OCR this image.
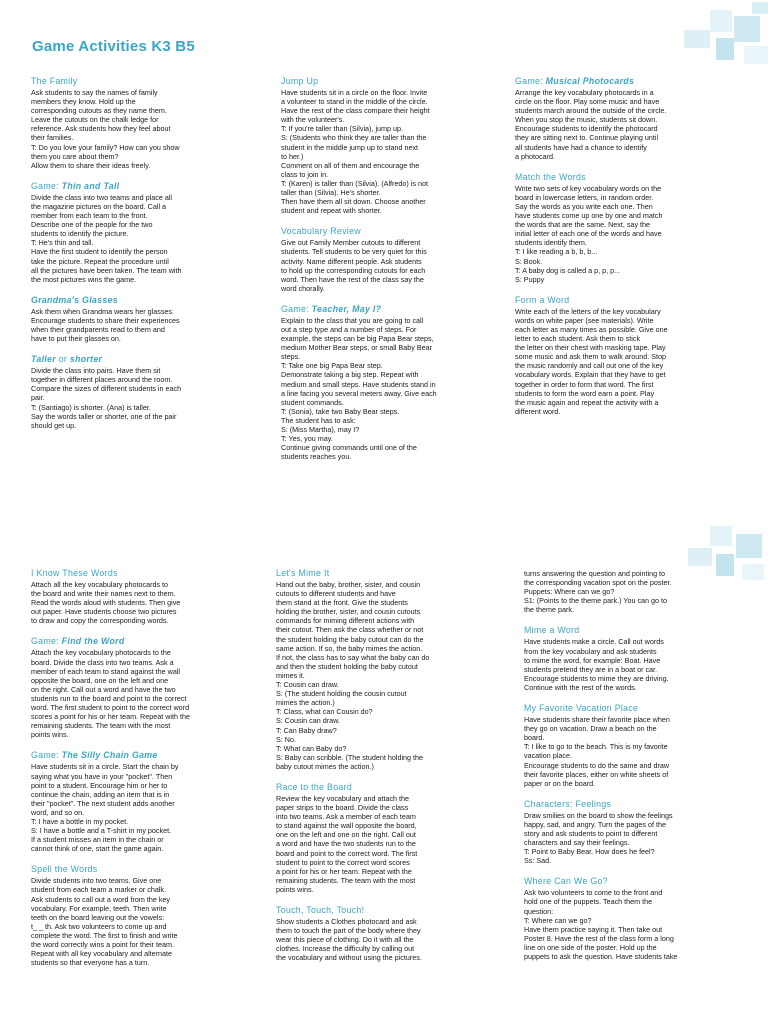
Game Activities K3 B5
The Family

Ask students to say the names of family

members they know. Hold up the

corresponding cutouts as they name them.

Leave the cutouts on the chalk ledge for

reference. Ask students how they feel about

their families.

T: Do you love your family? How can you show

them you care about them?

Allow them to share their ideas freely.

Game: Thin and Tall

Divide the class into two teams and place all

the magazine pictures on the board. Call a

member from each team to the front.

Describe one of the people for the two

students to identify the picture.

T: He's thin and tall.

Have the first student to identify the person

take the picture. Repeat the procedure until

all the pictures have been taken. The team with

the most pictures wins the game.

Grandma's Glasses

Ask them when Grandma wears her glasses.

Encourage students to share their experiences

when their grandparents read to them and

have to put their glasses on.

Taller or shorter

Divide the class into pairs. Have them sit

together in different places around the room.

Compare the sizes of different students in each

pair.

T: (Santiago) is shorter. (Ana) is taller.

Say the words taller or shorter, one of the pair

should get up.

Jump Up

Have students sit in a circle on the floor. Invite

a volunteer to stand in the middle of the circle.

Have the rest of the class compare their height

with the volunteer's.

T: If you're taller than (Silvia), jump up.

S: (Students who think they are taller than the

student in the middle jump up to stand next

to her.)

Comment on all of them and encourage the

class to join in.

T: (Karen) is taller than (Silvia). (Alfredo) is not

taller than (Silvia). He's shorter.

Then have them all sit down. Choose another

student and repeat with shorter.

Vocabulary Review

Give out Family Member cutouts to different

students. Tell students to be very quiet for this

activity. Name different people. Ask students

to hold up the corresponding cutouts for each

word. Then have the rest of the class say the

word chorally.

Game: Teacher, May I?

Explain to the class that you are going to call

out a step type and a number of steps. For

example, the steps can be big Papa Bear steps,

medium Mother Bear steps, or small Baby Bear

steps.

T: Take one big Papa Bear step.

Demonstrate taking a big step. Repeat with

medium and small steps. Have students stand in

a line facing you several meters away. Give each

student commands.

T: (Sonia), take two Baby Bear steps.

The student has to ask:

S: (Miss Martha), may I?

T: Yes, you may.

Continue giving commands until one of the

students reaches you.

Game: Musical Photocards

Arrange the key vocabulary photocards in a

circle on the floor. Play some music and have

students march around the outside of the circle.

When you stop the music, students sit down.

Encourage students to identify the photocard

they are sitting next to. Continue playing until

all students have had a chance to identify

a photocard.

Match the Words

Write two sets of key vocabulary words on the

board in lowercase letters, in random order.

Say the words as you write each one. Then

have students come up one by one and match

the words that are the same. Next, say the

initial letter of each one of the words and have

students identify them.

T: I like reading a b, b, b...

S: Book.

T: A baby dog is called a p, p, p...

S: Puppy

Form a Word

Write each of the letters of the key vocabulary

words on white paper (see materials). Write

each letter as many times as possible. Give one

letter to each student. Ask them to stick

the letter on their chest with masking tape. Play

some music and ask them to walk around. Stop

the music randomly and call out one of the key

vocabulary words. Explain that they have to get

together in order to form that word. The first

students to form the word earn a point. Play

the music again and repeat the activity with a

different word.

I Know These Words

Attach all the key vocabulary photocards to

the board and write their names next to them.

Read the words aloud with students. Then give

out paper. Have students choose two pictures

to draw and copy the corresponding words.

Game: Find the Word

Attach the key vocabulary photocards to the

board. Divide the class into two teams. Ask a

member of each team to stand against the wall

opposite the board, one on the left and one

on the right. Call out a word and have the two

students run to the board and point to the correct

word. The first student to point to the correct word

scores a point for his or her team. Repeat with the

remaining students. The team with the most

points wins.

Game: The Silly Chain Game

Have students sit in a circle. Start the chain by

saying what you have in your "pocket". Then

point to a student. Encourage him or her to

continue the chain, adding an item that is in

their "pocket". The next student adds another

word, and so on.

T: I have a bottle in my pocket.

S: I have a bottle and a T-shirt in my pocket.

If a student misses an item in the chain or

cannot think of one, start the game again.

Spell the Words

Divide students into two teams. Give one

student from each team a marker or chalk.

Ask students to call out a word from the key

vocabulary. For example, teeth. Then write

teeth on the board leaving out the vowels:

t_ _ th. Ask two volunteers to come up and

complete the word. The first to finish and write

the word correctly wins a point for their team.

Repeat with all key vocabulary and alternate

students so that everyone has a turn.

Let's Mime It

Hand out the baby, brother, sister, and cousin

cutouts to different students and have

them stand at the front. Give the students

holding the brother, sister, and cousin cutouts

commands for miming different actions with

their cutout. Then ask the class whether or not

the student holding the baby cutout can do the

same action. If so, the baby mimes the action.

If not, the class has to say what the baby can do

and then the student holding the baby cutout

mimes it.

T: Cousin can draw.

S: (The student holding the cousin cutout

mimes the action.)

T: Class, what can Cousin do?

S: Cousin can draw.

T: Can Baby draw?

S: No.

T: What can Baby do?

S: Baby can scribble. (The student holding the

baby cutout mimes the action.)

Race to the Board

Review the key vocabulary and attach the

paper strips to the board. Divide the class

into two teams. Ask a member of each team

to stand against the wall opposite the board,

one on the left and one on the right. Call out

a word and have the two students run to the

board and point to the correct word. The first

student to point to the correct word scores

a point for his or her team. Repeat with the

remaining students. The team with the most

points wins.

Touch, Touch, Touch!

Show students a Clothes photocard and ask

them to touch the part of the body where they

wear this piece of clothing. Do it with all the

clothes. Increase the difficulty by calling out

the vocabulary and without using the pictures.

turns answering the question and pointing to

the corresponding vacation spot on the poster.

Puppets: Where can we go?

S1: (Points to the theme park.) You can go to

the theme park.

Mime a Word

Have students make a circle. Call out words

from the key vocabulary and ask students

to mime the word, for example: Boat. Have

students pretend they are in a boat or car.

Encourage students to mime they are driving.

Continue with the rest of the words.

My Favorite Vacation Place

Have students share their favorite place when

they go on vacation. Draw a beach on the

board.

T: I like to go to the beach. This is my favorite

vacation place.

Encourage students to do the same and draw

their favorite places, either on white sheets of

paper or on the board.

Characters: Feelings

Draw smilies on the board to show the feelings

happy, sad, and angry. Turn the pages of the

story and ask students to point to different

characters and say their feelings.

T: Point to Baby Bear. How does he feel?

Ss: Sad.

Where Can We Go?

Ask two volunteers to come to the front and

hold one of the puppets. Teach them the

question:

T: Where can we go?

Have them practice saying it. Then take out

Poster 8. Have the rest of the class form a long

line on one side of the poster. Hold up the

puppets to ask the question. Have students take
